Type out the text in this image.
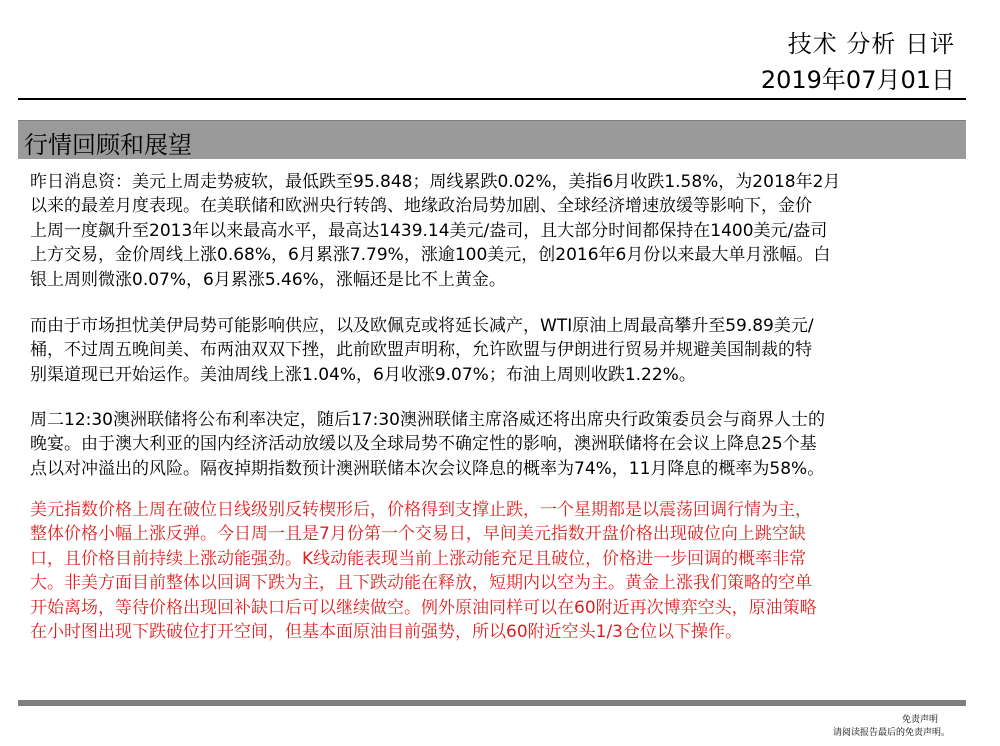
技术 分析 日评
2019年07月01日
行情回顾和展望

昨日消息资：美元上周走势疲软，最低跌至95.848；周线累跌0.02%，美指6月收跌1.58%，为2018年2月

以来的最差月度表现。在美联储和欧洲央行转鸽、地缘政治局势加剧、全球经济增速放缓等影响下，金价

上周一度飙升至2013年以来最高水平，最高达1439.14美元/盎司，且大部分时间都保持在1400美元/盎司

上方交易，金价周线上涨0.68%，6月累涨7.79%，涨逾100美元，创2016年6月份以来最大单月涨幅。白

银上周则微涨0.07%，6月累涨5.46%，涨幅还是比不上黄金。

而由于市场担忧美伊局势可能影响供应，以及欧佩克或将延长减产，WTI原油上周最高攀升至59.89美元/

桶，不过周五晚间美、布两油双双下挫，此前欧盟声明称，允许欧盟与伊朗进行贸易并规避美国制裁的特

别渠道现已开始运作。美油周线上涨1.04%，6月收涨9.07%；布油上周则收跌1.22%。

周二12:30澳洲联储将公布利率决定，随后17:30澳洲联储主席洛威还将出席央行政策委员会与商界人士的

晚宴。由于澳大利亚的国内经济活动放缓以及全球局势不确定性的影响，澳洲联储将在会议上降息25个基

点以对冲溢出的风险。隔夜掉期指数预计澳洲联储本次会议降息的概率为74%，11月降息的概率为58%。

美元指数价格上周在破位日线级别反转楔形后，价格得到支撑止跌，一个星期都是以震荡回调行情为主，

整体价格小幅上涨反弹。今日周一且是7月份第一个交易日，早间美元指数开盘价格出现破位向上跳空缺

口，且价格目前持续上涨动能强劲。K线动能表现当前上涨动能充足且破位，价格进一步回调的概率非常

大。非美方面目前整体以回调下跌为主，且下跌动能在释放，短期内以空为主。黄金上涨我们策略的空单

开始离场，等待价格出现回补缺口后可以继续做空。例外原油同样可以在60附近再次博弈空头，原油策略

在小时图出现下跌破位打开空间，但基本面原油目前强势，所以60附近空头1/3仓位以下操作。

免责声明
请阅读报告最后的免责声明。
